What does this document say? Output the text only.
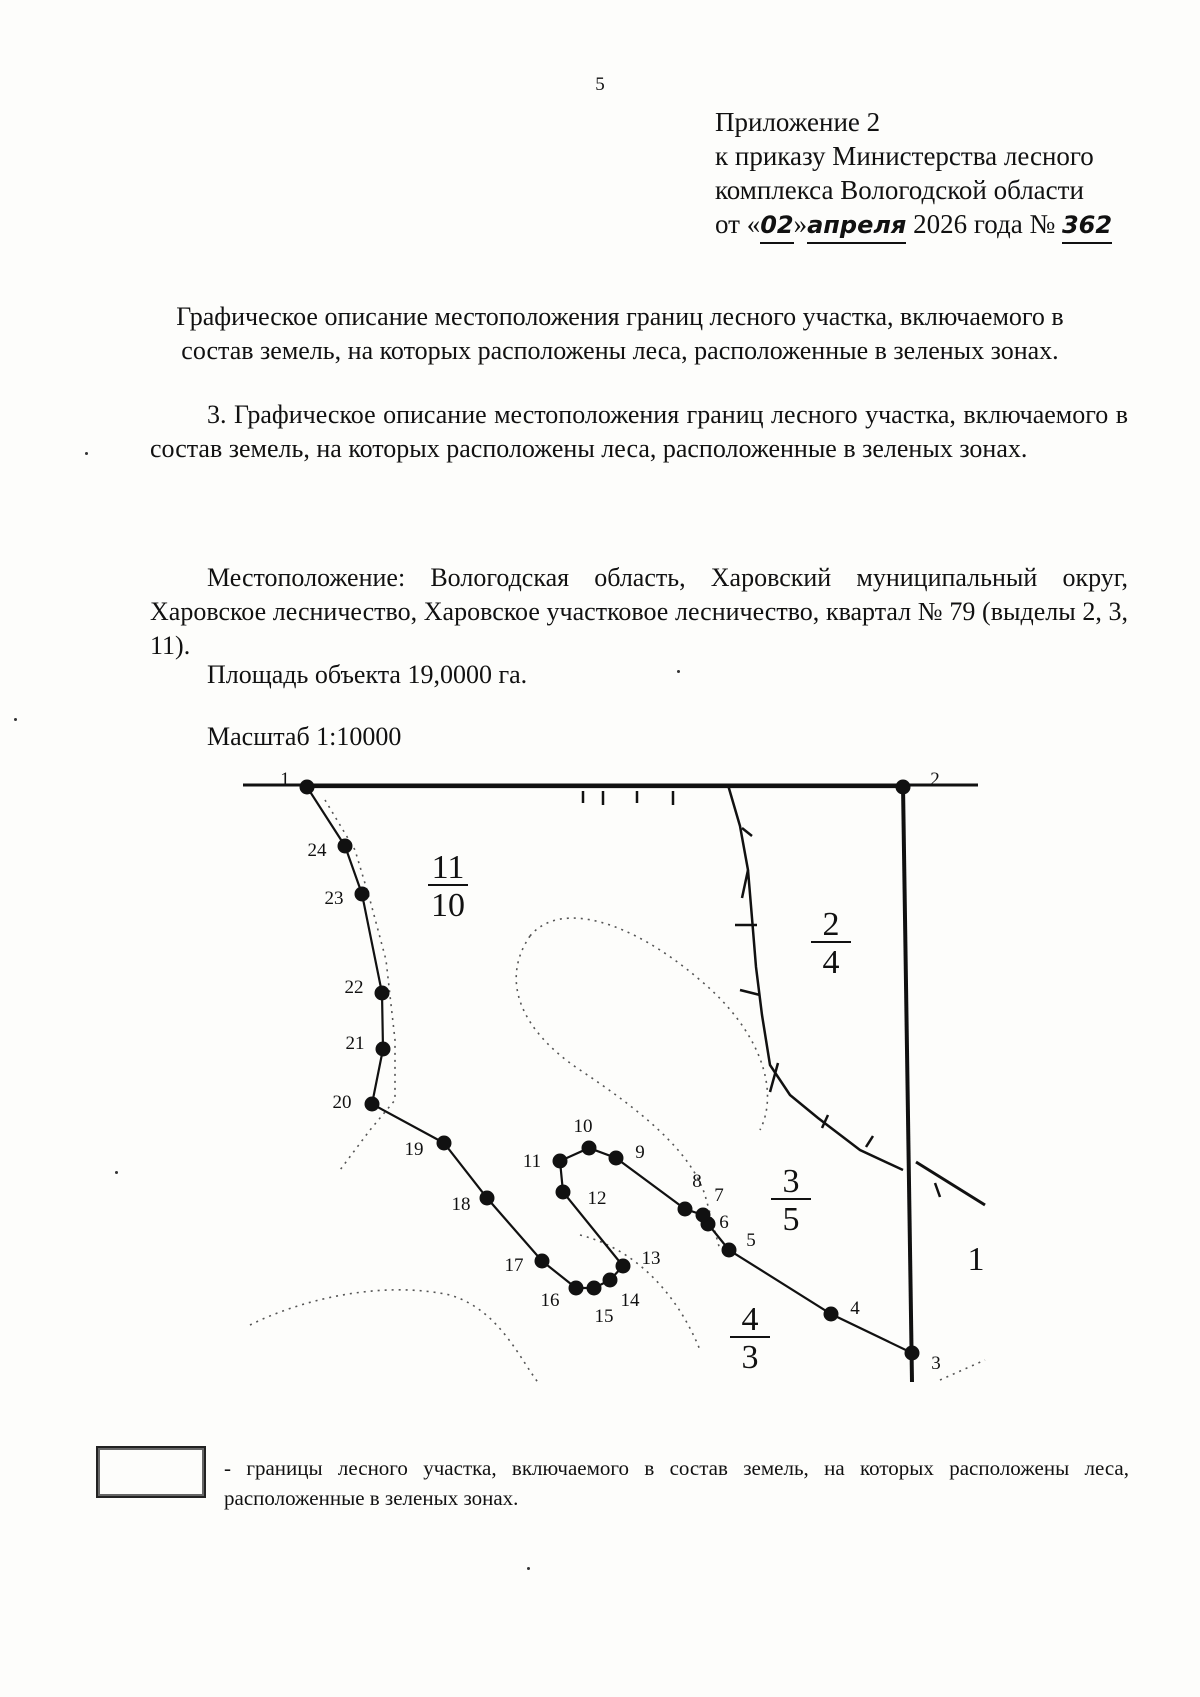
5
Приложение 2
к приказу Министерства лесного
комплекса Вологодской области
от «02»апреля 2026 года № 362
Графическое описание местоположения границ лесного участка, включаемого в состав земель, на которых расположены леса, расположенные в зеленых зонах.
3. Графическое описание местоположения границ лесного участка, включаемого в состав земель, на которых расположены леса, расположенные в зеленых зонах.
Местоположение: Вологодская область, Харовский муниципальный округ, Харовское лесничество, Харовское участковое лесничество, квартал № 79 (выделы 2, 3, 11).
Площадь объекта 19,0000 га.
Масштаб 1:10000
1	2
3
4
5
6
7
8
9
10
11
12
13
14
15
16
17
18
19
20
21
22
23
24	11
10
2
4
3
5
4
3
1
- границы лесного участка, включаемого в состав земель, на которых расположены леса, расположенные в зеленых зонах.
